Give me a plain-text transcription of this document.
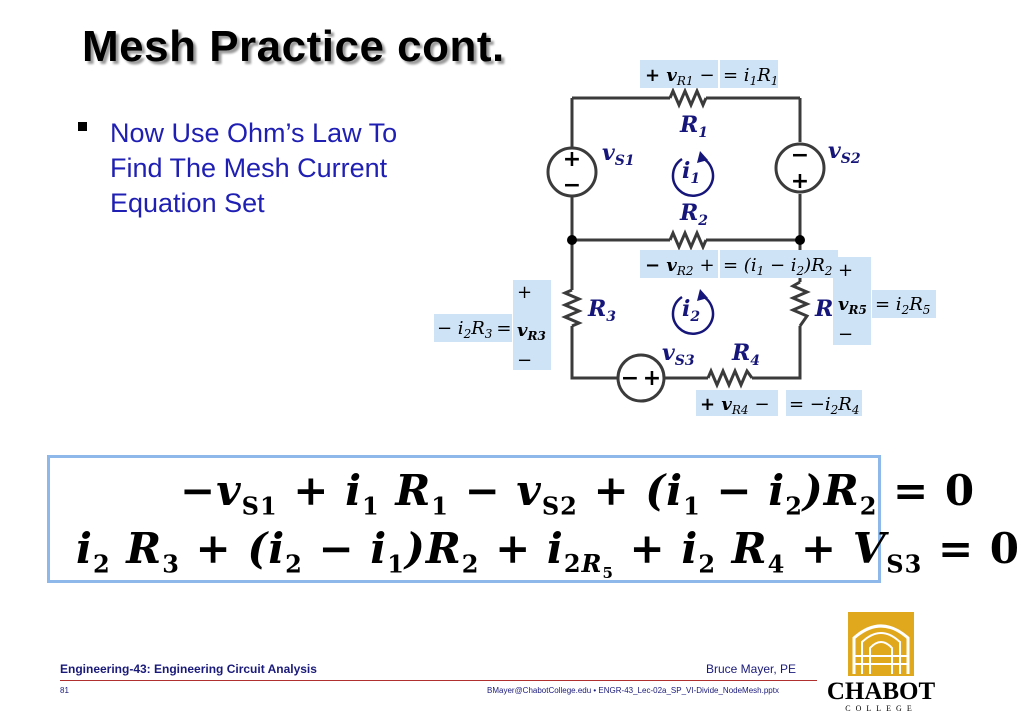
Mesh Practice cont.
Now Use Ohm’s Law To
Find The Mesh Current
Equation Set
+
−
−
+
− +
$R_1$
$R_2$
$R_3$
$R_4$
R
$v_{S1}$	$v_{S2}$
$v_{S3}$
$i_1$
$i_2$
+ $v_{R1}$ − = $i_1R_1$
− $v_{R2}$ + = $(i_1 - i_2)R_2$
− $i_2R_3$ =
+
$v_{R3}$
−
+
$v_{R5}$
−
= $i_2R_5$
+ $v_{R4}$ − = $-i_2R_4$
$-v_{S1} + i_1$ $R_1 - v_{S2} + (i_1 - i_2)R_2 = 0$
$i_2$ $R_3 + (i_2 - i_1)R_2 + i_{2R_5} + i_2$ $R_4 + V_{S3} = 0$
Engineering-43: Engineering Circuit Analysis	Bruce Mayer, PE
81	BMayer@ChabotCollege.edu • ENGR-43_Lec-02a_SP_VI-Divide_NodeMesh.pptx CHABOT
COLLEGE
